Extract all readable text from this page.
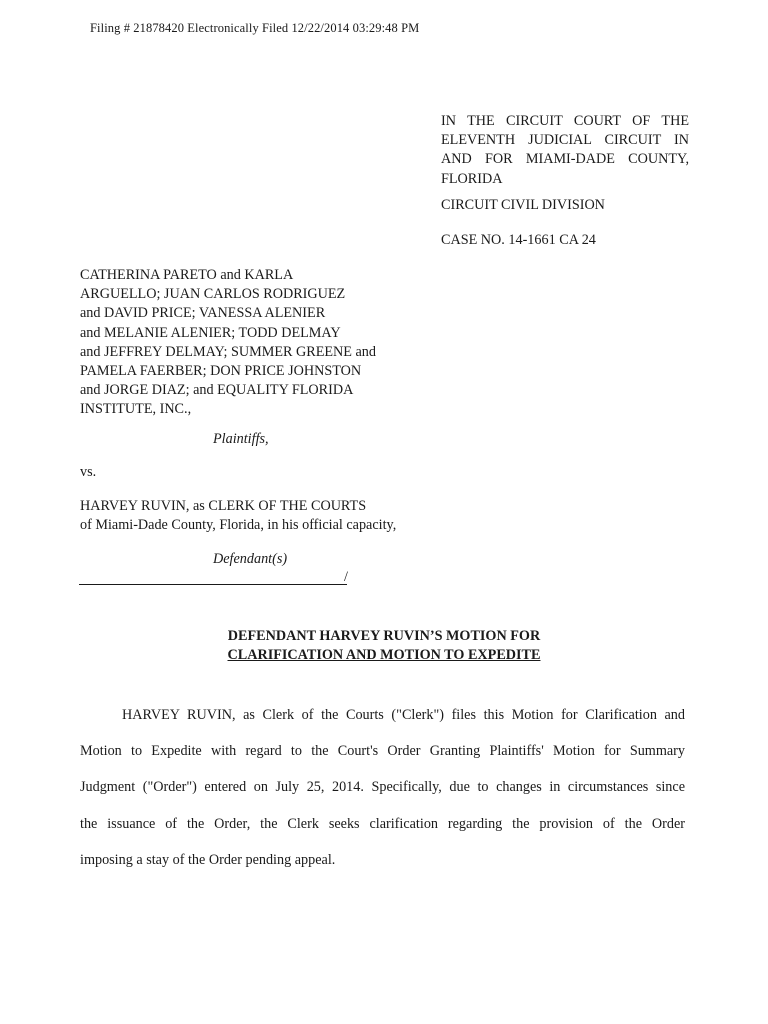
Filing # 21878420 Electronically Filed 12/22/2014 03:29:48 PM
IN THE CIRCUIT COURT OF THE
ELEVENTH JUDICIAL CIRCUIT IN
AND FOR MIAMI-DADE COUNTY,
FLORIDA
CIRCUIT CIVIL DIVISION
CASE NO. 14-1661 CA 24
CATHERINA PARETO and KARLA
ARGUELLO; JUAN CARLOS RODRIGUEZ
and DAVID PRICE; VANESSA ALENIER
and MELANIE ALENIER; TODD DELMAY
and JEFFREY DELMAY; SUMMER GREENE and
PAMELA FAERBER; DON PRICE JOHNSTON
and JORGE DIAZ; and EQUALITY FLORIDA
INSTITUTE, INC.,
Plaintiffs,
vs.
HARVEY RUVIN, as CLERK OF THE COURTS
of Miami-Dade County, Florida, in his official capacity,
Defendant(s)
/
DEFENDANT HARVEY RUVIN’S MOTION FOR
CLARIFICATION AND MOTION TO EXPEDITE
HARVEY RUVIN, as Clerk of the Courts ("Clerk") files this Motion for Clarification and
Motion to Expedite with regard to the Court's Order Granting Plaintiffs' Motion for Summary
Judgment ("Order") entered on July 25, 2014. Specifically, due to changes in circumstances since
the issuance of the Order, the Clerk seeks clarification regarding the provision of the Order
imposing a stay of the Order pending appeal.
